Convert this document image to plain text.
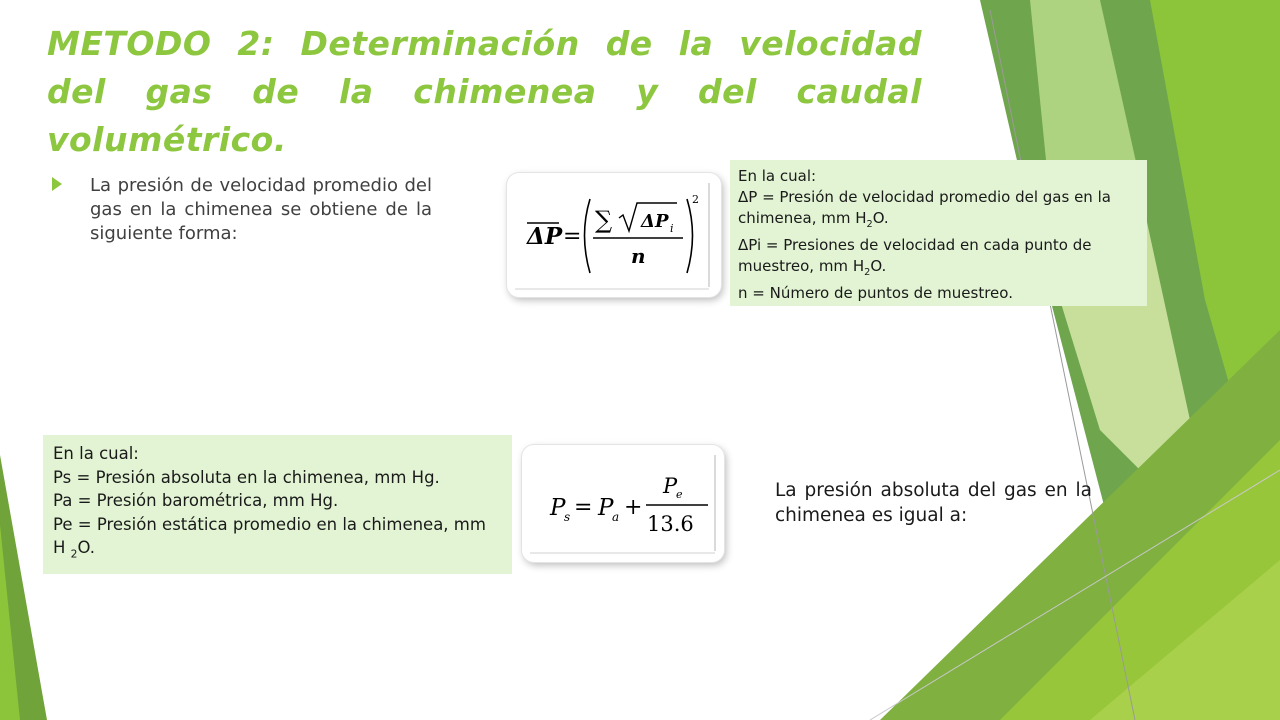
METODO 2: Determinación de la velocidad del gas de la chimenea y del caudal volumétrico.
La presión de velocidad promedio del gas en la chimenea se obtiene de la siguiente forma:	ΔP =
∑ ΔP i
n
2

En la cual:

ΔP = Presión de velocidad promedio del gas en la chimenea, mm $H_2O$.

ΔPi = Presiones de velocidad en cada punto de muestreo, mm $H_2O$.

n = Número de puntos de muestreo.

En la cual:

Ps = Presión absoluta en la chimenea, mm Hg.

Pa = Presión barométrica, mm Hg.

Pe = Presión estática promedio en la chimenea, mm H $_2$O.

P
s = P
a +
P
e
13.6
La presión absoluta del gas en la chimenea es igual a:
